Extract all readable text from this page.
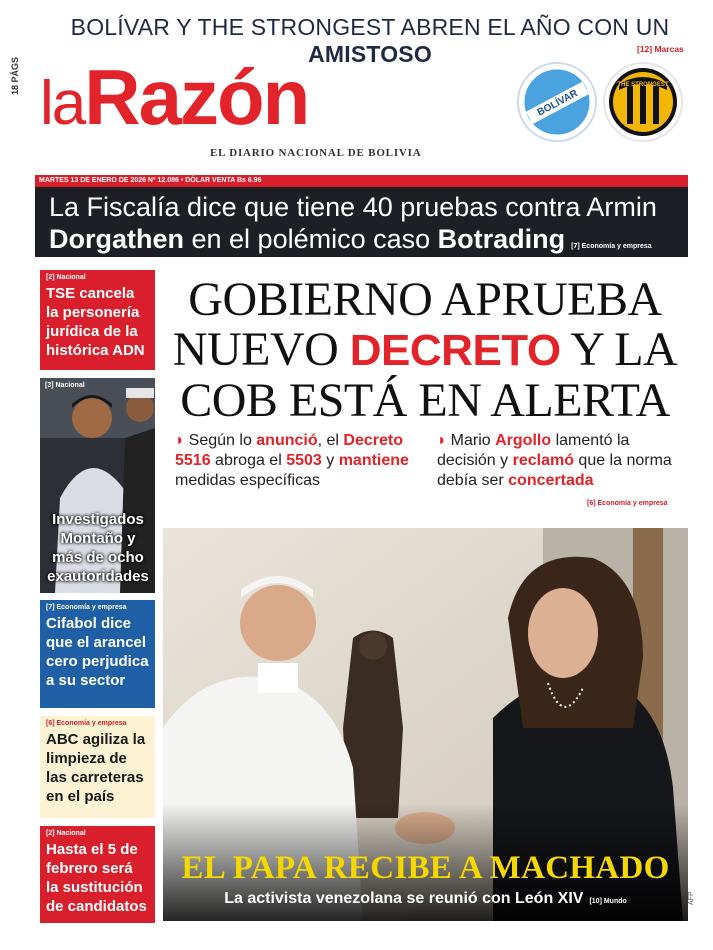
18 PÁGS
BOLÍVAR Y THE STRONGEST ABREN EL AÑO CON UN AMISTOSO	[12] Marcas
laRazón
EL DIARIO NACIONAL DE BOLIVIA
BOLÍVAR
THE STRONGEST
MARTES 13 DE ENERO DE 2026 Nº 12.086 • DÓLAR VENTA Bs 6.96
La Fiscalía dice que tiene 40 pruebas contra Armin
Dorgathen en el polémico caso Botrading [7] Economía y empresa
[2] Nacional
TSE cancela la personería jurídica de la histórica ADN
[3] Nacional
Investigados Montaño y más de ocho exautoridades
[7] Economía y empresa
Cifabol dice que el arancel cero perjudica a su sector
[6] Economía y empresa
ABC agiliza la limpieza de las carreteras en el país
[2] Nacional
Hasta el 5 de febrero será la sustitución de candidatos
GOBIERNO APRUEBA
NUEVO DECRETO Y LA
COB ESTÁ EN ALERTA
◗ Según lo anunció, el Decreto 5516 abroga el 5503 y mantiene medidas específicas
◗ Mario Argollo lamentó la decisión y reclamó que la norma debía ser concertada
[6] Economía y empresa
EL PAPA RECIBE A MACHADO
La activista venezolana se reunió con León XIV [10] Mundo	AFP
